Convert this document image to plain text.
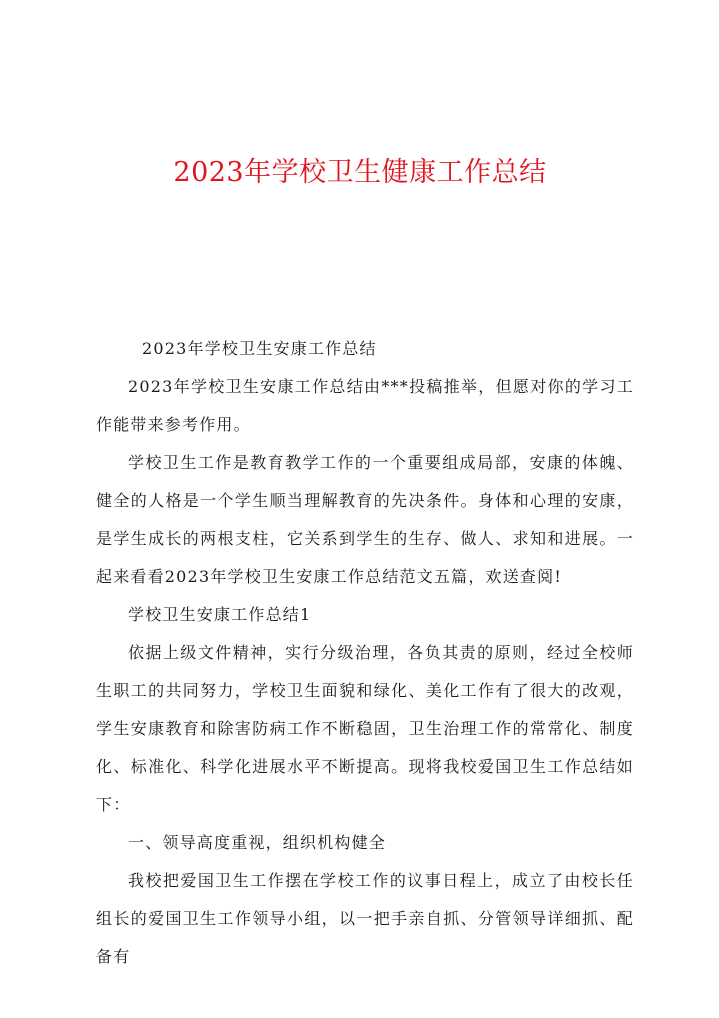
2023年学校卫生健康工作总结

2023年学校卫生安康工作总结

2023年学校卫生安康工作总结由***投稿推举，但愿对你的学习工作能带来参考作用。

学校卫生工作是教育教学工作的一个重要组成局部，安康的体魄、健全的人格是一个学生顺当理解教育的先决条件。身体和心理的安康，是学生成长的两根支柱，它关系到学生的生存、做人、求知和进展。一起来看看2023年学校卫生安康工作总结范文五篇，欢送查阅!

学校卫生安康工作总结1

依据上级文件精神，实行分级治理，各负其责的原则，经过全校师生职工的共同努力，学校卫生面貌和绿化、美化工作有了很大的改观，学生安康教育和除害防病工作不断稳固，卫生治理工作的常常化、制度化、标准化、科学化进展水平不断提高。现将我校爱国卫生工作总结如下：

一、领导高度重视，组织机构健全

我校把爱国卫生工作摆在学校工作的议事日程上，成立了由校长任组长的爱国卫生工作领导小组，以一把手亲自抓、分管领导详细抓、配备有
